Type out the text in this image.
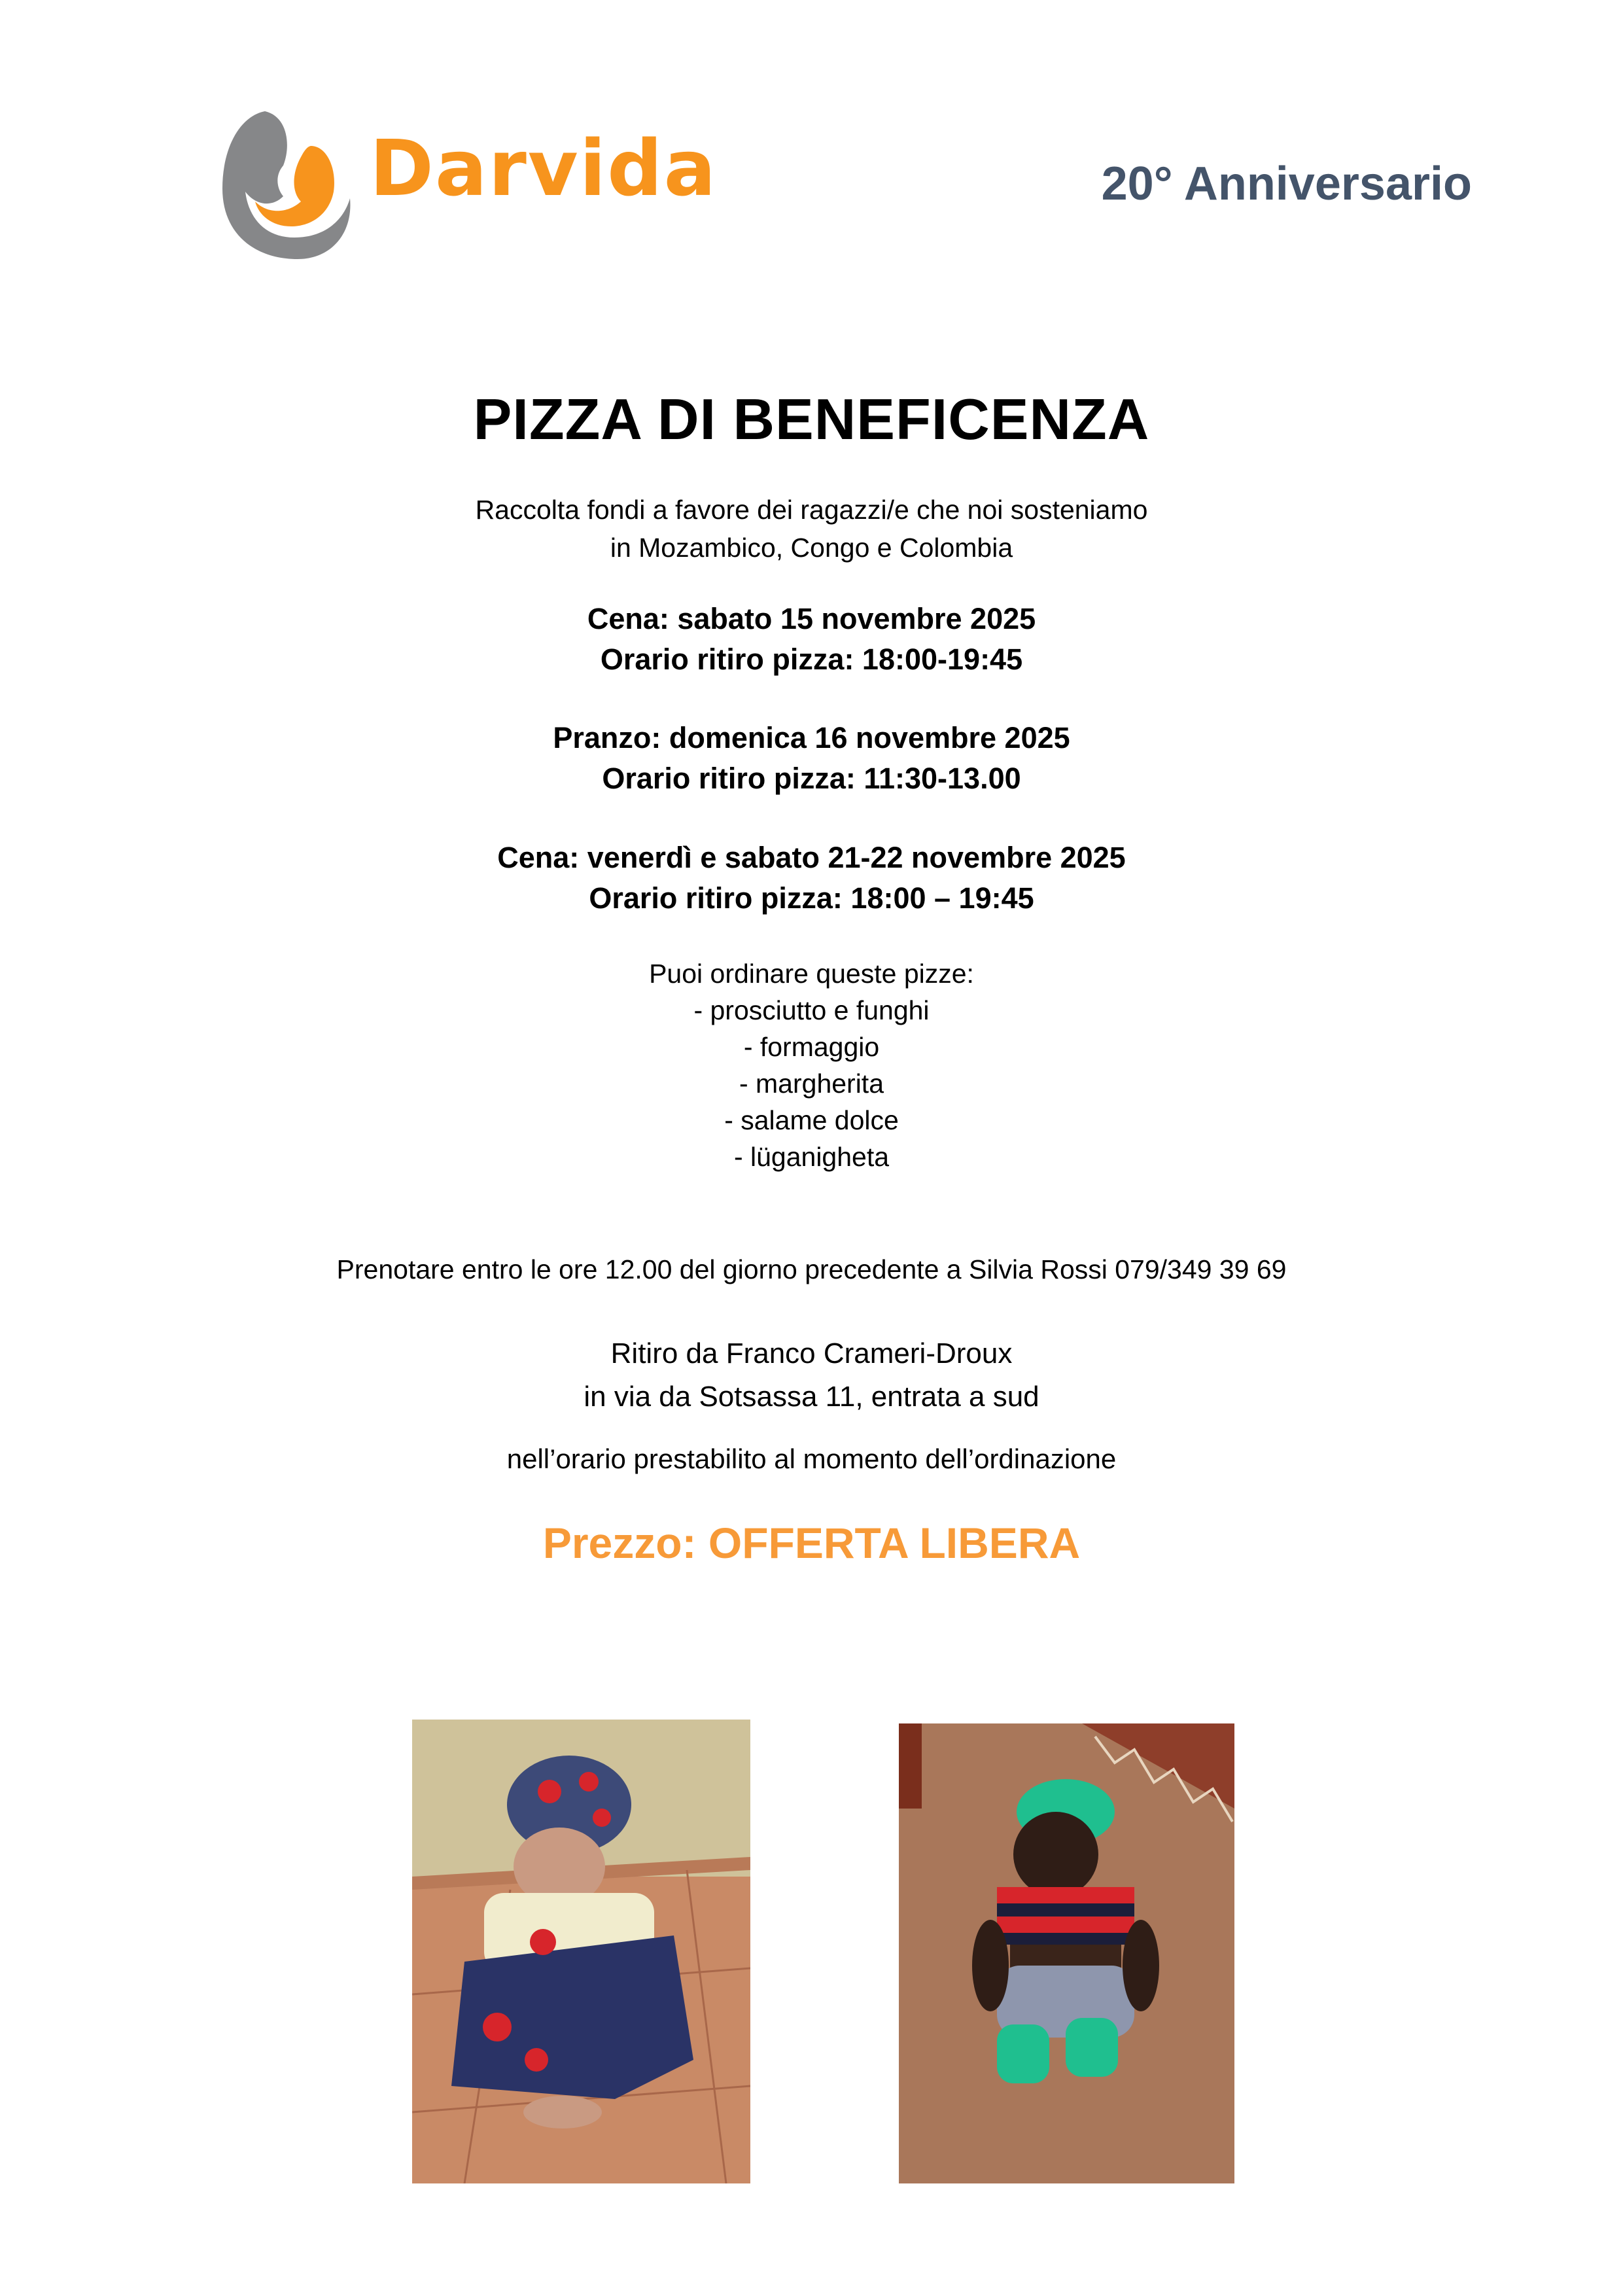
Darvida	20° Anniversario
PIZZA DI BENEFICENZA
Raccolta fondi a favore dei ragazzi/e che noi sosteniamo
in Mozambico, Congo e Colombia
Cena: sabato 15 novembre 2025
Orario ritiro pizza: 18:00-19:45
Pranzo: domenica 16 novembre 2025
Orario ritiro pizza: 11:30-13.00
Cena: venerdì e sabato 21-22 novembre 2025
Orario ritiro pizza: 18:00 – 19:45
Puoi ordinare queste pizze:
- prosciutto e funghi
- formaggio
- margherita
- salame dolce
- lüganigheta
Prenotare entro le ore 12.00 del giorno precedente a Silvia Rossi 079/349 39 69
Ritiro da Franco Crameri-Droux
in via da Sotsassa 11, entrata a sud
nell’orario prestabilito al momento dell’ordinazione
Prezzo: OFFERTA LIBERA
